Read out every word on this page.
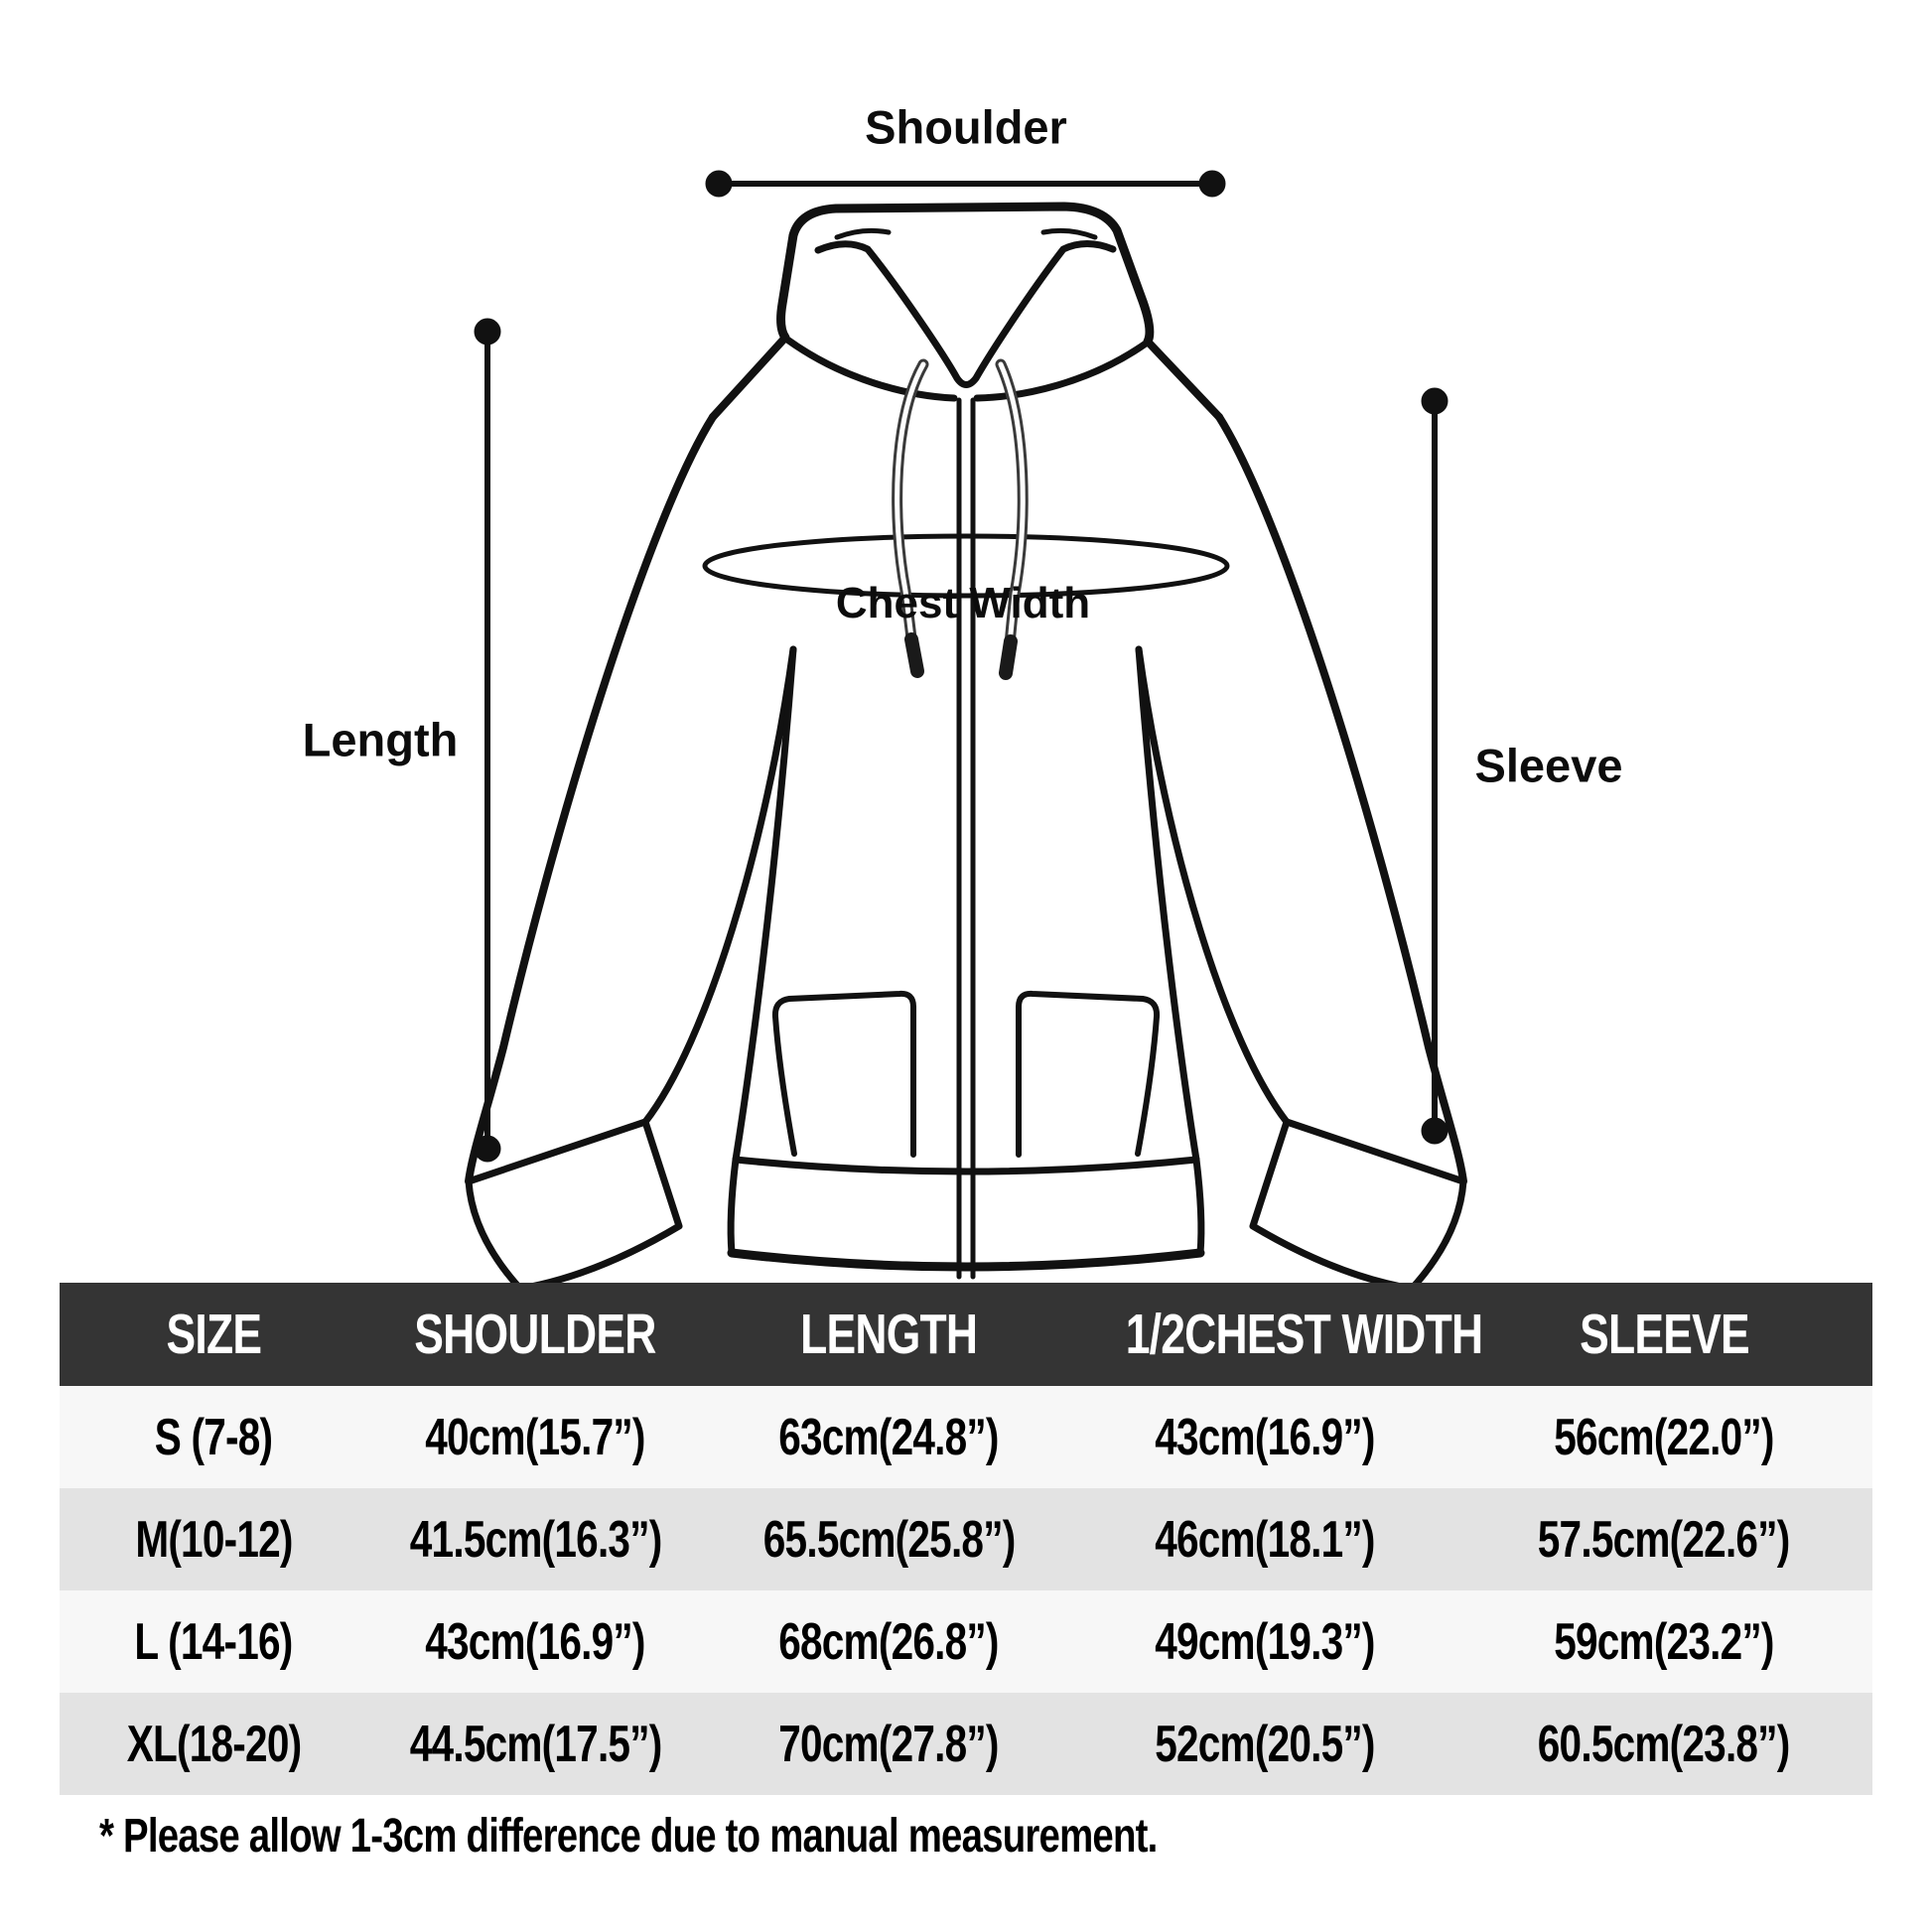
Shoulder
Length
Chest Width
Sleeve
SIZE	SHOULDER	LENGTH	1/2CHEST WIDTH	SLEEVE
S (7-8)	40cm(15.7”)	63cm(24.8”)	43cm(16.9”)	56cm(22.0”)
M(10-12)	41.5cm(16.3”)	65.5cm(25.8”)	46cm(18.1”)	57.5cm(22.6”)
L (14-16)	43cm(16.9”)	68cm(26.8”)	49cm(19.3”)	59cm(23.2”)
XL(18-20)	44.5cm(17.5”)	70cm(27.8”)	52cm(20.5”)	60.5cm(23.8”)
* Please allow 1-3cm difference due to manual measurement.
